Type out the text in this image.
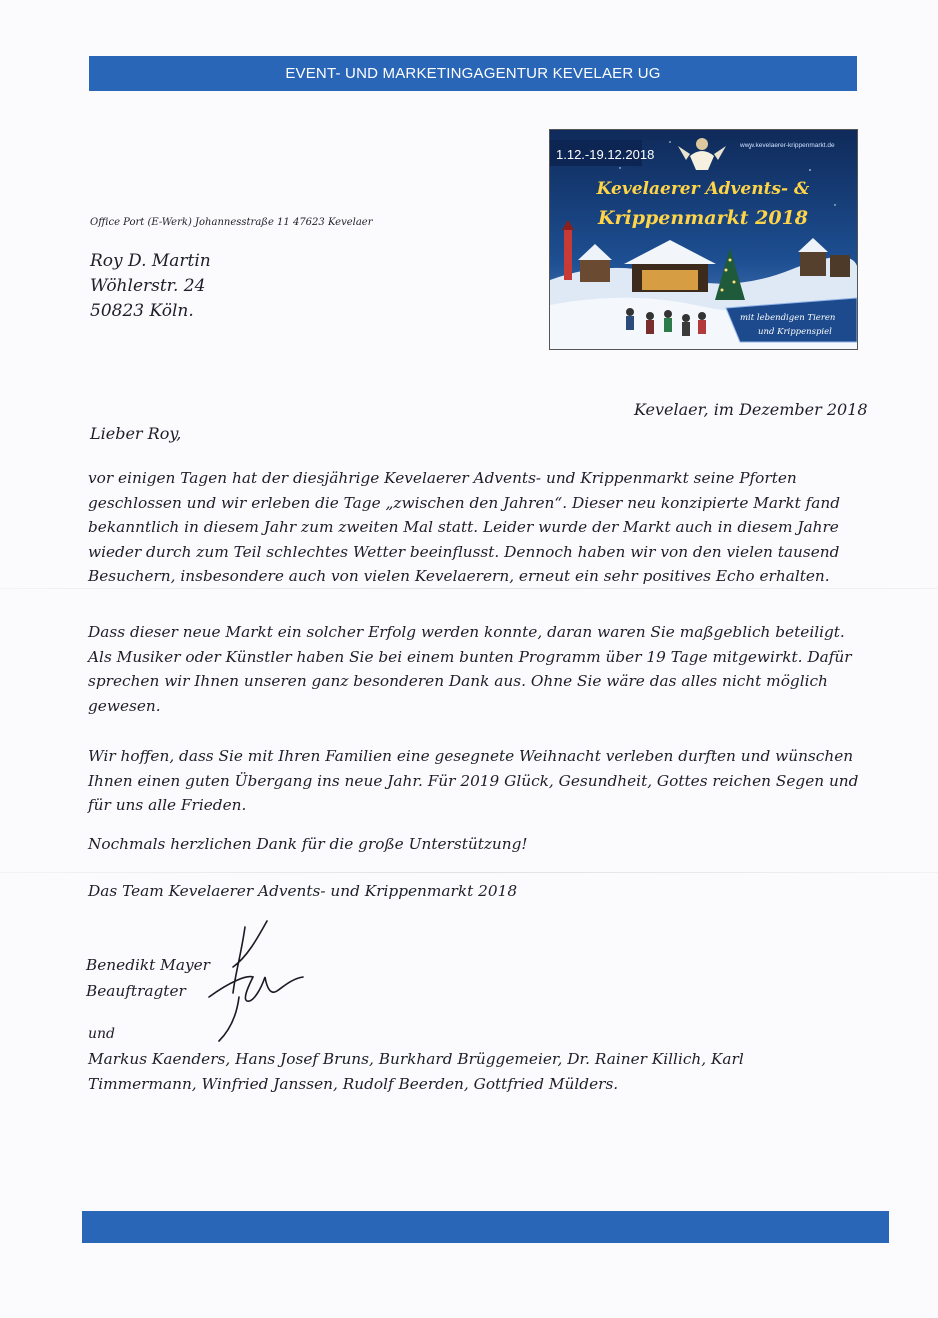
EVENT- UND MARKETINGAGENTUR KEVELAER UG
Office Port (E-Werk) Johannesstraße 11 47623 Kevelaer
Roy D. Martin
Wöhlerstr. 24
50823 Köln.
1.12.-19.12.2018
www.kevelaerer-krippenmarkt.de
Kevelaerer Advents- &
Krippenmarkt 2018
mit lebendigen Tieren
und Krippenspiel
Kevelaer, im Dezember 2018
Lieber Roy,

vor einigen Tagen hat der diesjährige Kevelaerer Advents- und Krippenmarkt seine Pforten geschlossen und wir erleben die Tage „zwischen den Jahren“. Dieser neu konzipierte Markt fand bekanntlich in diesem Jahr zum zweiten Mal statt. Leider wurde der Markt auch in diesem Jahre wieder durch zum Teil schlechtes Wetter beeinflusst. Dennoch haben wir von den vielen tausend Besuchern, insbesondere auch von vielen Kevelaerern, erneut ein sehr positives Echo erhalten.

Dass dieser neue Markt ein solcher Erfolg werden konnte, daran waren Sie maßgeblich beteiligt. Als Musiker oder Künstler haben Sie bei einem bunten Programm über 19 Tage mitgewirkt. Dafür sprechen wir Ihnen unseren ganz besonderen Dank aus. Ohne Sie wäre das alles nicht möglich gewesen.

Wir hoffen, dass Sie mit Ihren Familien eine gesegnete Weihnacht verleben durften und wünschen Ihnen einen guten Übergang ins neue Jahr. Für 2019 Glück, Gesundheit, Gottes reichen Segen und für uns alle Frieden.

Nochmals herzlichen Dank für die große Unterstützung!

Das Team Kevelaerer Advents- und Krippenmarkt 2018
Benedikt Mayer
Beauftragter
und
Markus Kaenders, Hans Josef Bruns, Burkhard Brüggemeier, Dr. Rainer Killich, Karl
Timmermann, Winfried Janssen, Rudolf Beerden, Gottfried Mülders.
